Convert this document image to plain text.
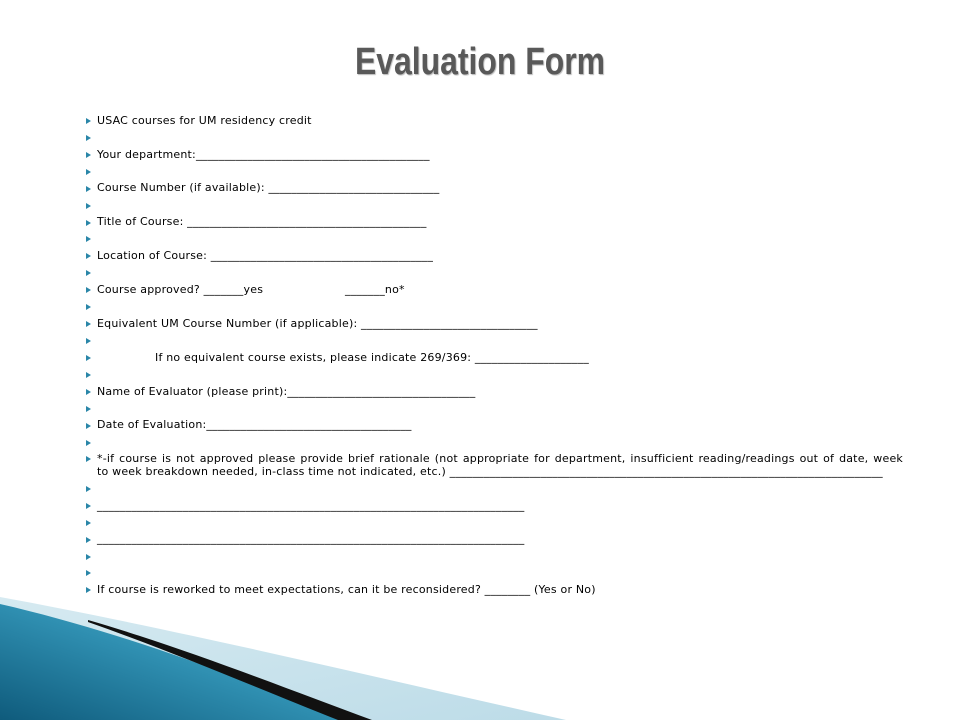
Evaluation Form
USAC courses for UM residency credit
Your department:_________________________________________
Course Number (if available): ______________________________
Title of Course: __________________________________________
Location of Course: _______________________________________
Course approved? _______yes	_______no*
Equivalent UM Course Number (if applicable): _______________________________
If no equivalent course exists, please indicate 269/369: ____________________
Name of Evaluator (please print):_________________________________
Date of Evaluation:____________________________________
*-if course is not approved please provide brief rationale (not appropriate for department, insufficient reading/readings out of date, week
to week breakdown needed, in-class time not indicated, etc.) ____________________________________________________________________________
___________________________________________________________________________
___________________________________________________________________________
If course is reworked to meet expectations, can it be reconsidered? ________ (Yes or No)
